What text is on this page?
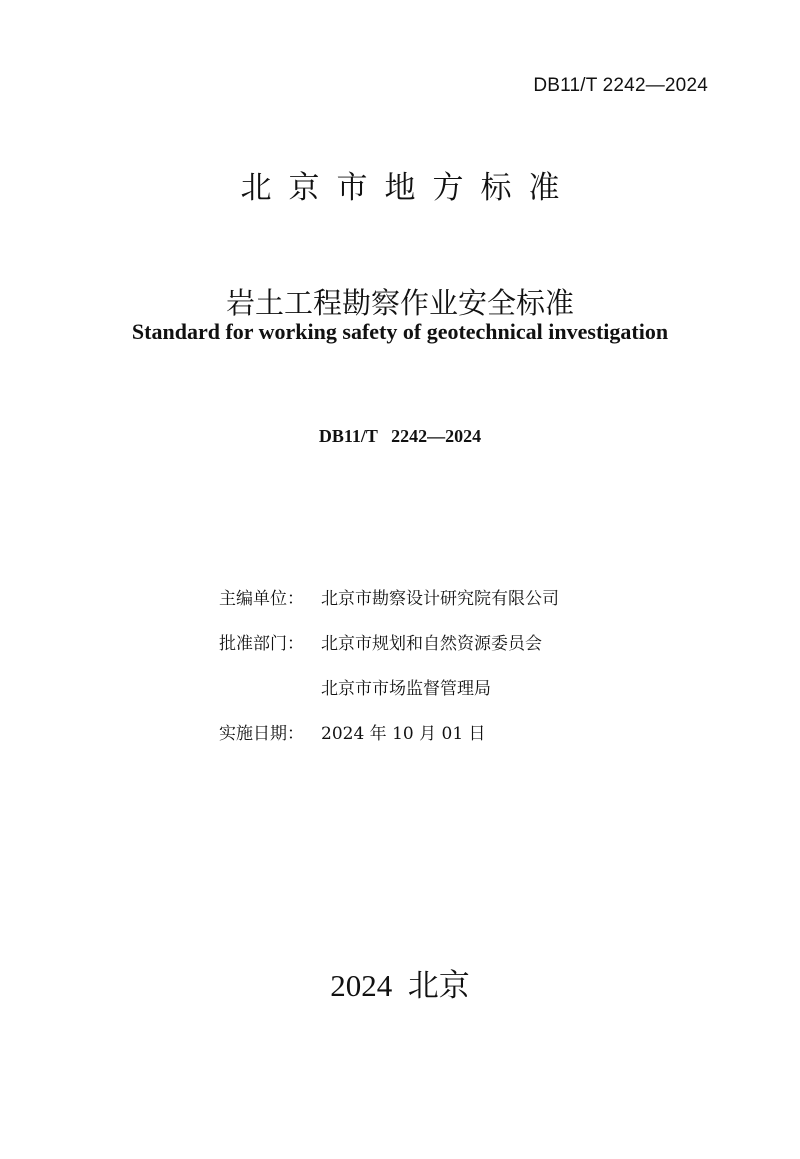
DB11/T 2242—2024
北京市地方标准
岩土工程勘察作业安全标准
Standard for working safety of geotechnical investigation
DB11/T   2242—2024
主编单位：	北京市勘察设计研究院有限公司
批准部门：	北京市规划和自然资源委员会
北京市市场监督管理局
实施日期：	2024 年 10 月 01 日
2024  北京
